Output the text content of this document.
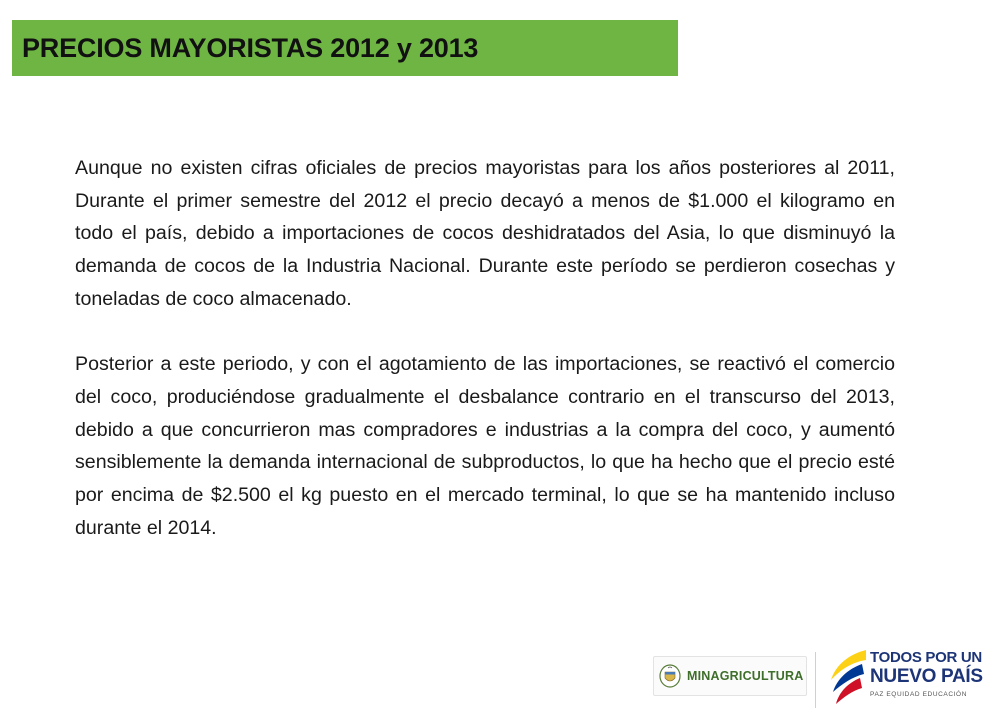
PRECIOS MAYORISTAS 2012 y 2013

Aunque no existen cifras oficiales de precios mayoristas para los años posteriores al 2011, Durante el primer semestre del 2012 el precio decayó a menos de $1.000 el kilogramo en todo el país, debido a importaciones de cocos deshidratados del Asia, lo que disminuyó la demanda de cocos de la Industria Nacional. Durante este período se perdieron cosechas y toneladas de coco almacenado.

Posterior a este periodo, y con el agotamiento de las importaciones, se reactivó el comercio del coco, produciéndose gradualmente el desbalance contrario en el transcurso del 2013, debido a que concurrieron mas compradores e industrias a la compra del coco, y aumentó sensiblemente la demanda internacional de subproductos, lo que ha hecho que el precio esté por encima de $2.500 el kg puesto en el mercado terminal, lo que se ha mantenido incluso durante el 2014.

MINAGRICULTURA
TODOS POR UN
NUEVO PAÍS
PAZ EQUIDAD EDUCACIÓN
